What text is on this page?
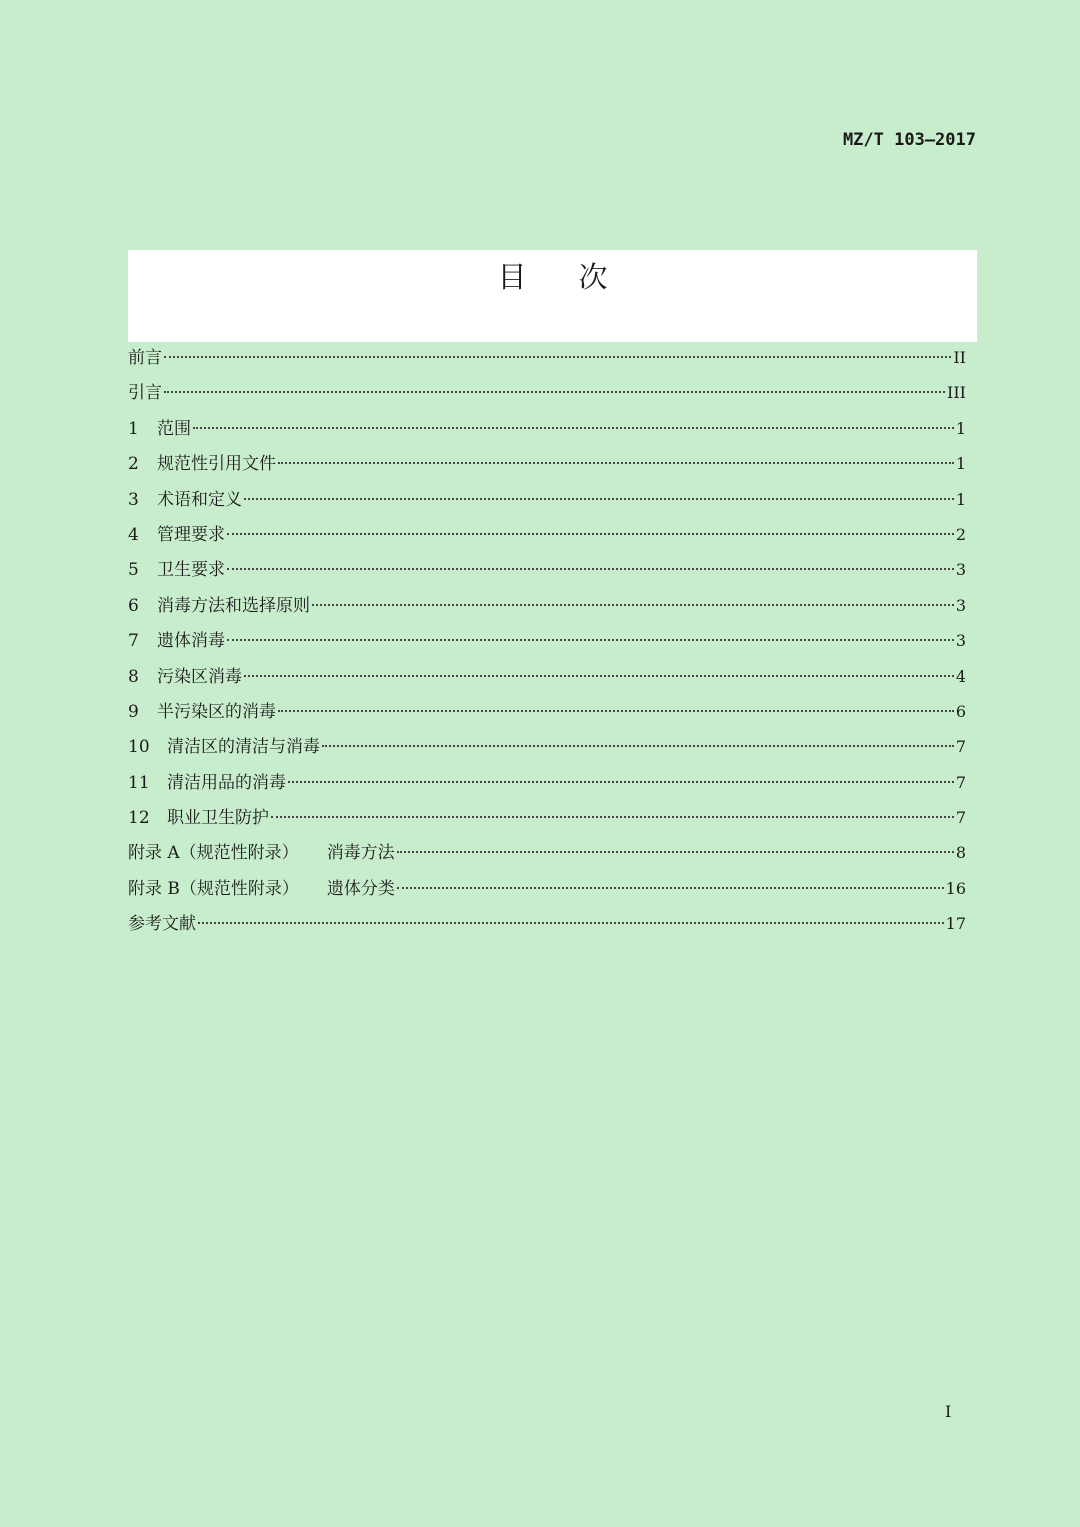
MZ/T 103—2017
目 次
前言	II
引言	III
1 范围	1
2 规范性引用文件	1
3 术语和定义	1
4 管理要求	2
5 卫生要求	3
6 消毒方法和选择原则	3
7 遗体消毒	3
8 污染区消毒	4
9 半污染区的消毒	6
10 清洁区的清洁与消毒	7
11 清洁用品的消毒	7
12 职业卫生防护	7
附录 A（规范性附录） 消毒方法	8
附录 B（规范性附录） 遗体分类	16
参考文献	17
I
